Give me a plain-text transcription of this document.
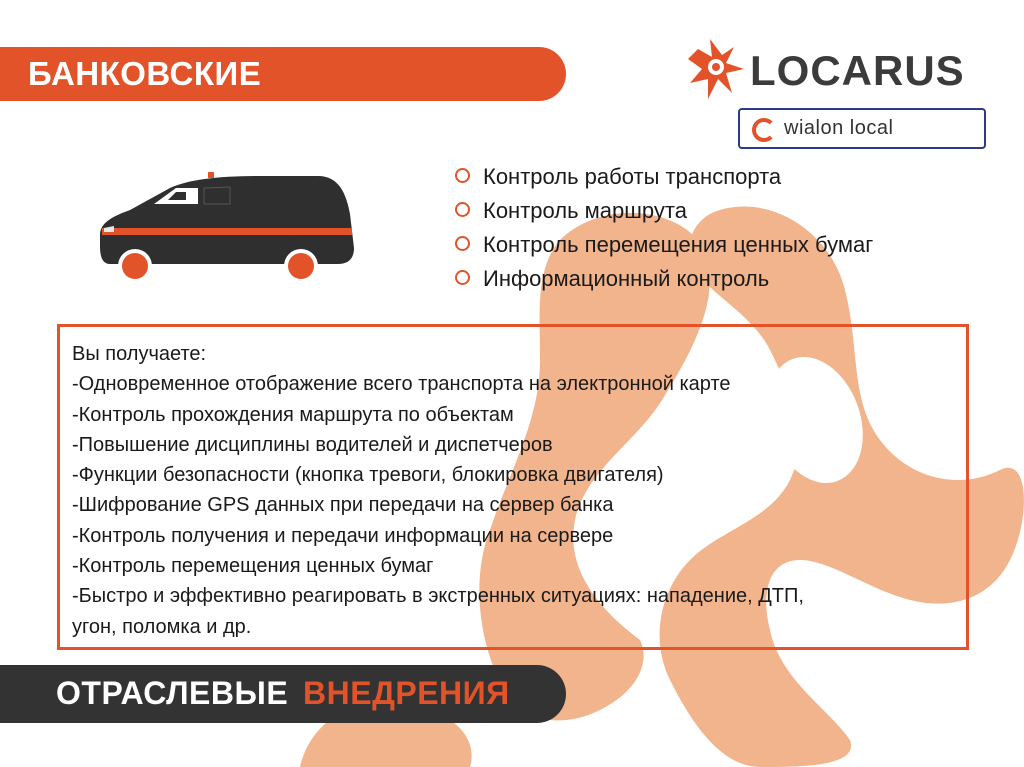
БАНКОВСКИЕ	LOCARUS
wialon local
Контроль работы транспорта
Контроль маршрута
Контроль перемещения ценных бумаг
Информационный контроль
Вы получаете:
-Одновременное отображение всего транспорта на электронной карте
-Контроль прохождения маршрута по объектам
-Повышение дисциплины водителей и диспетчеров
-Функции безопасности (кнопка тревоги, блокировка двигателя)
-Шифрование GPS данных при передачи на сервер банка
-Контроль получения и передачи информации на сервере
-Контроль перемещения ценных бумаг
-Быстро и эффективно реагировать в экстренных ситуациях: нападение, ДТП,
угон, поломка и др.
ОТРАСЛЕВЫЕ ВНЕДРЕНИЯ
